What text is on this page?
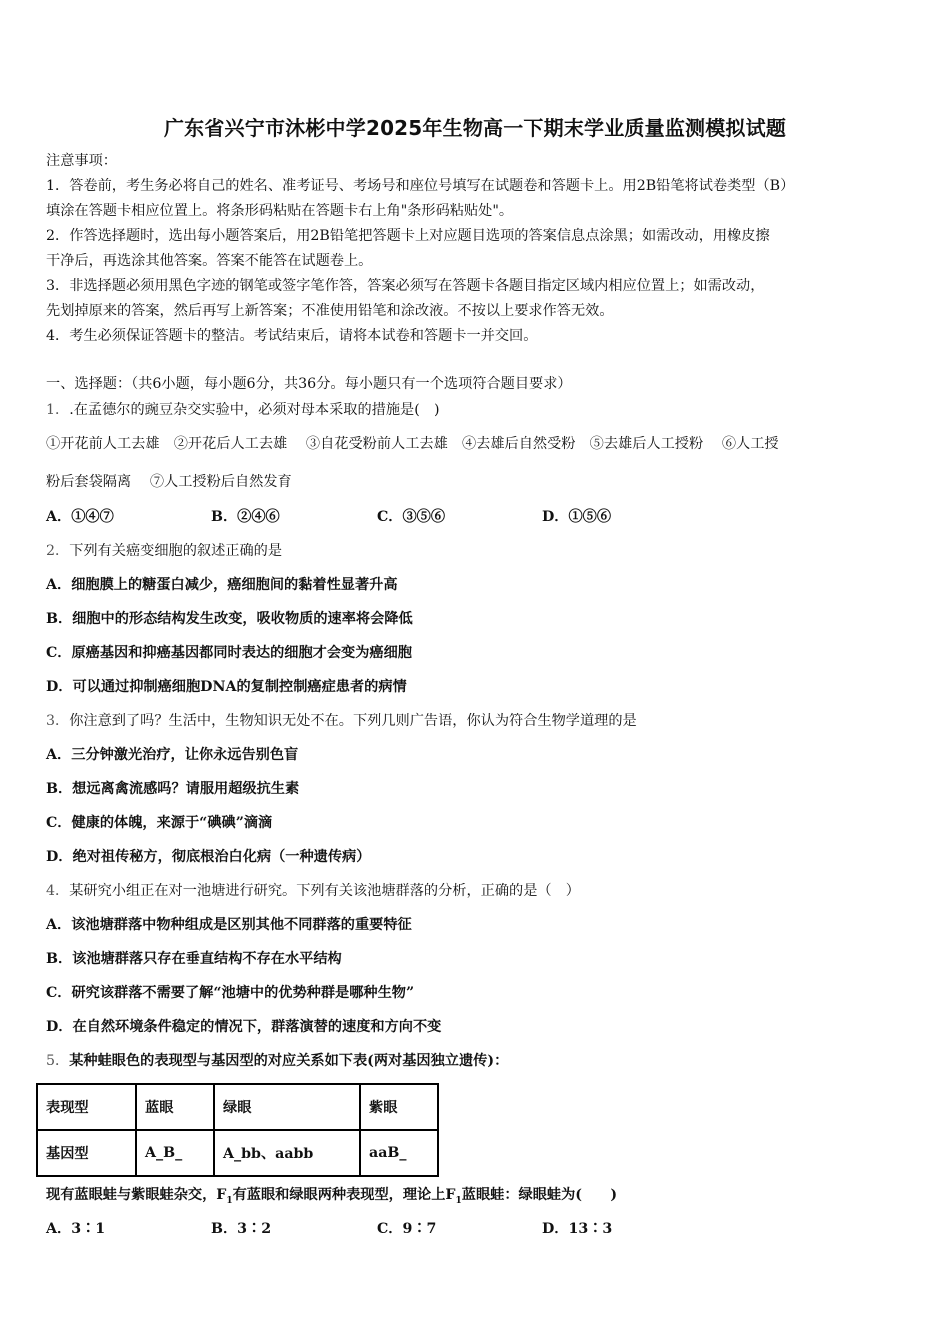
广东省兴宁市沐彬中学2025年生物高一下期末学业质量监测模拟试题
注意事项：
1．答卷前，考生务必将自己的姓名、准考证号、考场号和座位号填写在试题卷和答题卡上。用2B铅笔将试卷类型（B）
填涂在答题卡相应位置上。将条形码粘贴在答题卡右上角"条形码粘贴处"。
2．作答选择题时，选出每小题答案后，用2B铅笔把答题卡上对应题目选项的答案信息点涂黑；如需改动，用橡皮擦
干净后，再选涂其他答案。答案不能答在试题卷上。
3．非选择题必须用黑色字迹的钢笔或签字笔作答，答案必须写在答题卡各题目指定区域内相应位置上；如需改动，
先划掉原来的答案，然后再写上新答案；不准使用铅笔和涂改液。不按以上要求作答无效。
4．考生必须保证答题卡的整洁。考试结束后，请将本试卷和答题卡一并交回。
一、选择题：（共6小题，每小题6分，共36分。每小题只有一个选项符合题目要求）
1．.在孟德尔的豌豆杂交实验中，必须对母本采取的措施是(　)
①开花前人工去雄　②开花后人工去雄　 ③自花受粉前人工去雄　④去雄后自然受粉　⑤去雄后人工授粉　 ⑥人工授
粉后套袋隔离　 ⑦人工授粉后自然发育
A．①④⑦	B．②④⑥	C．③⑤⑥	D．①⑤⑥
2．下列有关癌变细胞的叙述正确的是
A．细胞膜上的糖蛋白减少，癌细胞间的黏着性显著升高
B．细胞中的形态结构发生改变，吸收物质的速率将会降低
C．原癌基因和抑癌基因都同时表达的细胞才会变为癌细胞
D．可以通过抑制癌细胞DNA的复制控制癌症患者的病情
3．你注意到了吗？生活中，生物知识无处不在。下列几则广告语，你认为符合生物学道理的是
A．三分钟激光治疗，让你永远告别色盲
B．想远离禽流感吗？请服用超级抗生素
C．健康的体魄，来源于“碘碘”滴滴
D．绝对祖传秘方，彻底根治白化病（一种遗传病）
4．某研究小组正在对一池塘进行研究。下列有关该池塘群落的分析，正确的是（　）
A．该池塘群落中物种组成是区别其他不同群落的重要特征
B．该池塘群落只存在垂直结构不存在水平结构
C．研究该群落不需要了解“池塘中的优势种群是哪种生物”
D．在自然环境条件稳定的情况下，群落演替的速度和方向不变
5．某种蛙眼色的表现型与基因型的对应关系如下表(两对基因独立遗传)：
表现型	蓝眼	绿眼	紫眼
基因型	A_B_	A_bb、aabb	aaB_
现有蓝眼蛙与紫眼蛙杂交，$F_1$有蓝眼和绿眼两种表现型，理论上$F_1$蓝眼蛙：绿眼蛙为(　　)
A．3∶1	B．3∶2	C．9∶7	D．13∶3
